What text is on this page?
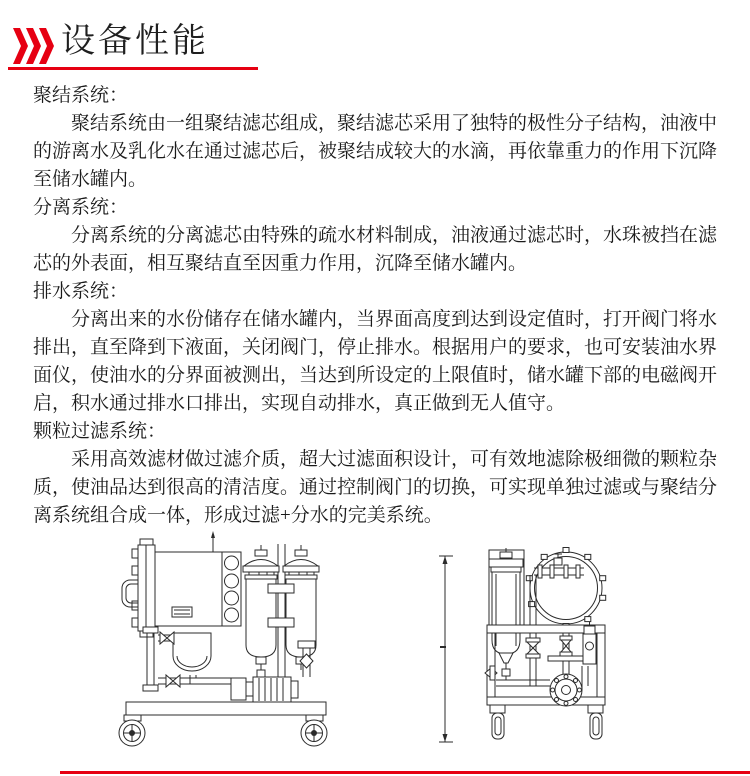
设备性能
聚结系统：

聚结系统由一组聚结滤芯组成，聚结滤芯采用了独特的极性分子结构，油液中的游离水及乳化水在通过滤芯后，被聚结成较大的水滴，再依靠重力的作用下沉降至储水罐内。

分离系统：

分离系统的分离滤芯由特殊的疏水材料制成，油液通过滤芯时，水珠被挡在滤芯的外表面，相互聚结直至因重力作用，沉降至储水罐内。

排水系统：

分离出来的水份储存在储水罐内，当界面高度到达到设定值时，打开阀门将水排出，直至降到下液面，关闭阀门，停止排水。根据用户的要求，也可安装油水界面仪，使油水的分界面被测出，当达到所设定的上限值时，储水罐下部的电磁阀开启，积水通过排水口排出，实现自动排水，真正做到无人值守。

颗粒过滤系统：

采用高效滤材做过滤介质，超大过滤面积设计，可有效地滤除极细微的颗粒杂质，使油品达到很高的清洁度。通过控制阀门的切换，可实现单独过滤或与聚结分离系统组合成一体，形成过滤+分水的完美系统。
